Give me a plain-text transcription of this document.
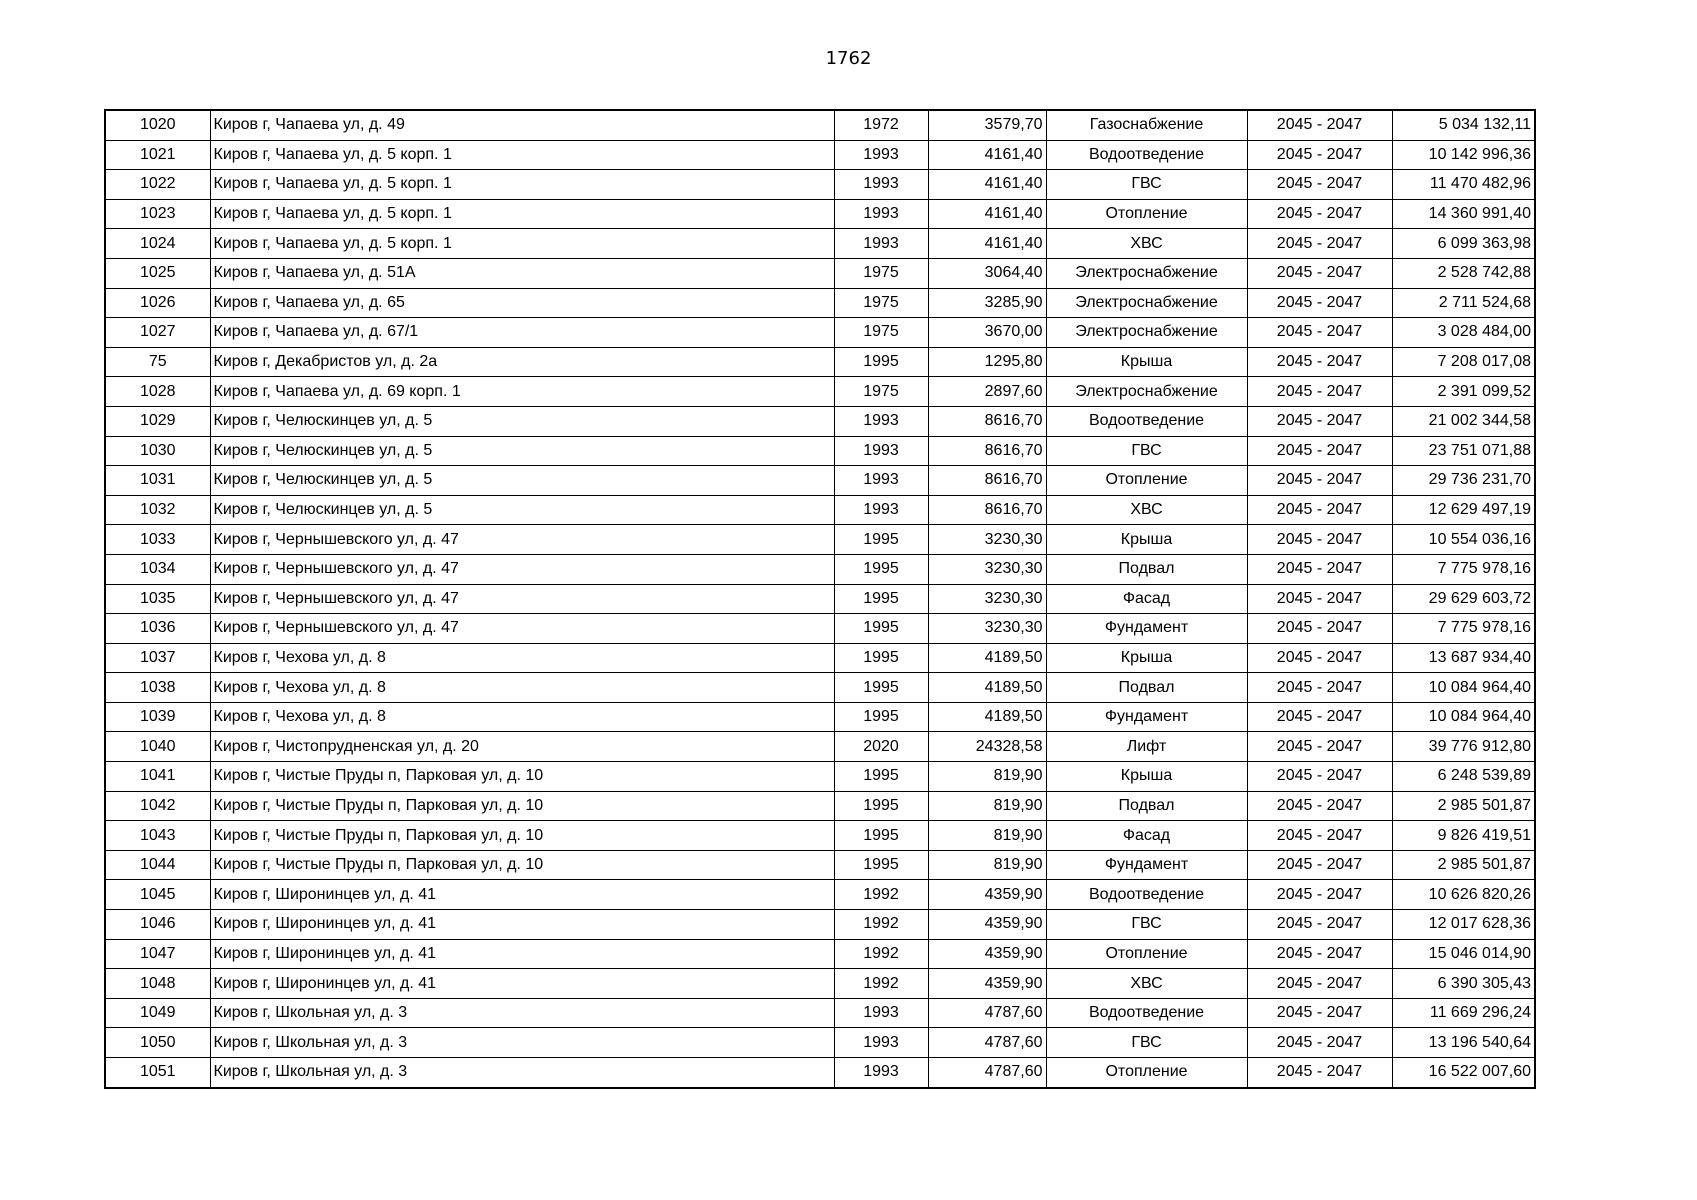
1762
1020	Киров г, Чапаева ул, д. 49	1972	3579,70	Газоснабжение	2045 - 2047	5 034 132,11
1021	Киров г, Чапаева ул, д. 5 корп. 1	1993	4161,40	Водоотведение	2045 - 2047	10 142 996,36
1022	Киров г, Чапаева ул, д. 5 корп. 1	1993	4161,40	ГВС	2045 - 2047	11 470 482,96
1023	Киров г, Чапаева ул, д. 5 корп. 1	1993	4161,40	Отопление	2045 - 2047	14 360 991,40
1024	Киров г, Чапаева ул, д. 5 корп. 1	1993	4161,40	ХВС	2045 - 2047	6 099 363,98
1025	Киров г, Чапаева ул, д. 51А	1975	3064,40	Электроснабжение	2045 - 2047	2 528 742,88
1026	Киров г, Чапаева ул, д. 65	1975	3285,90	Электроснабжение	2045 - 2047	2 711 524,68
1027	Киров г, Чапаева ул, д. 67/1	1975	3670,00	Электроснабжение	2045 - 2047	3 028 484,00
75	Киров г, Декабристов ул, д. 2а	1995	1295,80	Крыша	2045 - 2047	7 208 017,08
1028	Киров г, Чапаева ул, д. 69 корп. 1	1975	2897,60	Электроснабжение	2045 - 2047	2 391 099,52
1029	Киров г, Челюскинцев ул, д. 5	1993	8616,70	Водоотведение	2045 - 2047	21 002 344,58
1030	Киров г, Челюскинцев ул, д. 5	1993	8616,70	ГВС	2045 - 2047	23 751 071,88
1031	Киров г, Челюскинцев ул, д. 5	1993	8616,70	Отопление	2045 - 2047	29 736 231,70
1032	Киров г, Челюскинцев ул, д. 5	1993	8616,70	ХВС	2045 - 2047	12 629 497,19
1033	Киров г, Чернышевского ул, д. 47	1995	3230,30	Крыша	2045 - 2047	10 554 036,16
1034	Киров г, Чернышевского ул, д. 47	1995	3230,30	Подвал	2045 - 2047	7 775 978,16
1035	Киров г, Чернышевского ул, д. 47	1995	3230,30	Фасад	2045 - 2047	29 629 603,72
1036	Киров г, Чернышевского ул, д. 47	1995	3230,30	Фундамент	2045 - 2047	7 775 978,16
1037	Киров г, Чехова ул, д. 8	1995	4189,50	Крыша	2045 - 2047	13 687 934,40
1038	Киров г, Чехова ул, д. 8	1995	4189,50	Подвал	2045 - 2047	10 084 964,40
1039	Киров г, Чехова ул, д. 8	1995	4189,50	Фундамент	2045 - 2047	10 084 964,40
1040	Киров г, Чистопрудненская ул, д. 20	2020	24328,58	Лифт	2045 - 2047	39 776 912,80
1041	Киров г, Чистые Пруды п, Парковая ул, д. 10	1995	819,90	Крыша	2045 - 2047	6 248 539,89
1042	Киров г, Чистые Пруды п, Парковая ул, д. 10	1995	819,90	Подвал	2045 - 2047	2 985 501,87
1043	Киров г, Чистые Пруды п, Парковая ул, д. 10	1995	819,90	Фасад	2045 - 2047	9 826 419,51
1044	Киров г, Чистые Пруды п, Парковая ул, д. 10	1995	819,90	Фундамент	2045 - 2047	2 985 501,87
1045	Киров г, Широнинцев ул, д. 41	1992	4359,90	Водоотведение	2045 - 2047	10 626 820,26
1046	Киров г, Широнинцев ул, д. 41	1992	4359,90	ГВС	2045 - 2047	12 017 628,36
1047	Киров г, Широнинцев ул, д. 41	1992	4359,90	Отопление	2045 - 2047	15 046 014,90
1048	Киров г, Широнинцев ул, д. 41	1992	4359,90	ХВС	2045 - 2047	6 390 305,43
1049	Киров г, Школьная ул, д. 3	1993	4787,60	Водоотведение	2045 - 2047	11 669 296,24
1050	Киров г, Школьная ул, д. 3	1993	4787,60	ГВС	2045 - 2047	13 196 540,64
1051	Киров г, Школьная ул, д. 3	1993	4787,60	Отопление	2045 - 2047	16 522 007,60
